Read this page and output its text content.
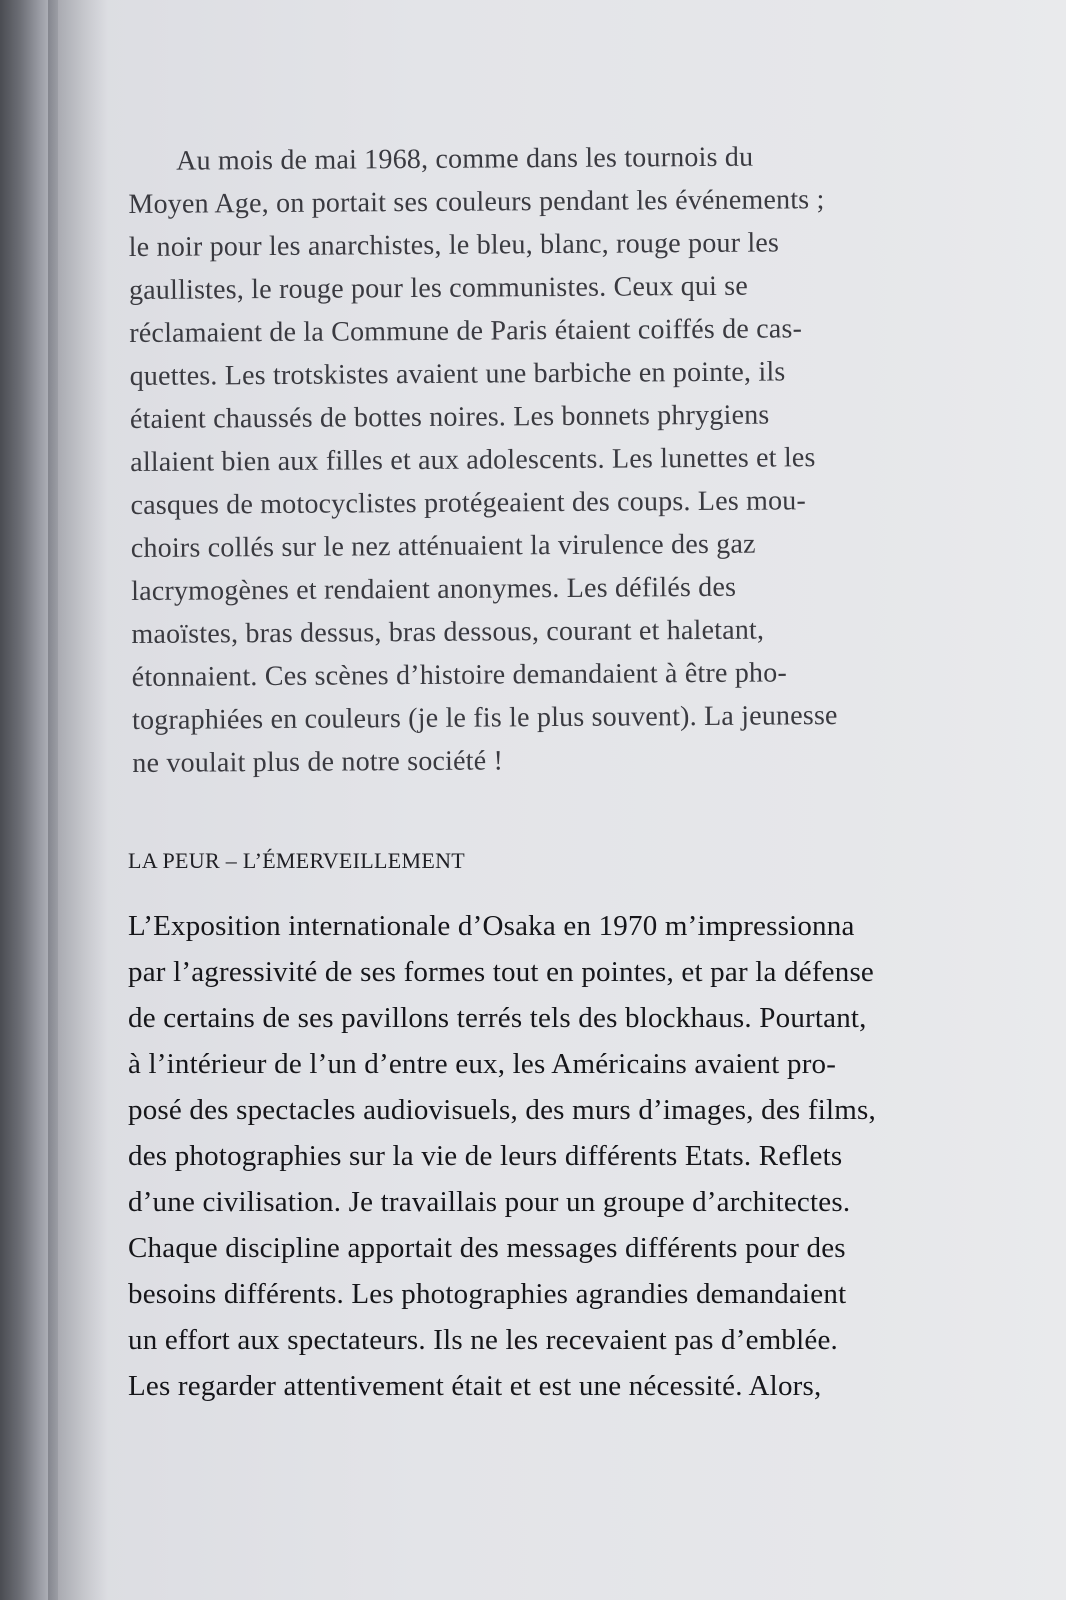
Au mois de mai 1968, comme dans les tournois du
Moyen Age, on portait ses couleurs pendant les événements ;
le noir pour les anarchistes, le bleu, blanc, rouge pour les
gaullistes, le rouge pour les communistes. Ceux qui se
réclamaient de la Commune de Paris étaient coiffés de cas-
quettes. Les trotskistes avaient une barbiche en pointe, ils
étaient chaussés de bottes noires. Les bonnets phrygiens
allaient bien aux filles et aux adolescents. Les lunettes et les
casques de motocyclistes protégeaient des coups. Les mou-
choirs collés sur le nez atténuaient la virulence des gaz
lacrymogènes et rendaient anonymes. Les défilés des
maoïstes, bras dessus, bras dessous, courant et haletant,
étonnaient. Ces scènes d’histoire demandaient à être pho-
tographiées en couleurs (je le fis le plus souvent). La jeunesse
ne voulait plus de notre société !
LA PEUR – L’ÉMERVEILLEMENT
L’Exposition internationale d’Osaka en 1970 m’impressionna
par l’agressivité de ses formes tout en pointes, et par la défense
de certains de ses pavillons terrés tels des blockhaus. Pourtant,
à l’intérieur de l’un d’entre eux, les Américains avaient pro-
posé des spectacles audiovisuels, des murs d’images, des films,
des photographies sur la vie de leurs différents Etats. Reflets
d’une civilisation. Je travaillais pour un groupe d’architectes.
Chaque discipline apportait des messages différents pour des
besoins différents. Les photographies agrandies demandaient
un effort aux spectateurs. Ils ne les recevaient pas d’emblée.
Les regarder attentivement était et est une nécessité. Alors,
